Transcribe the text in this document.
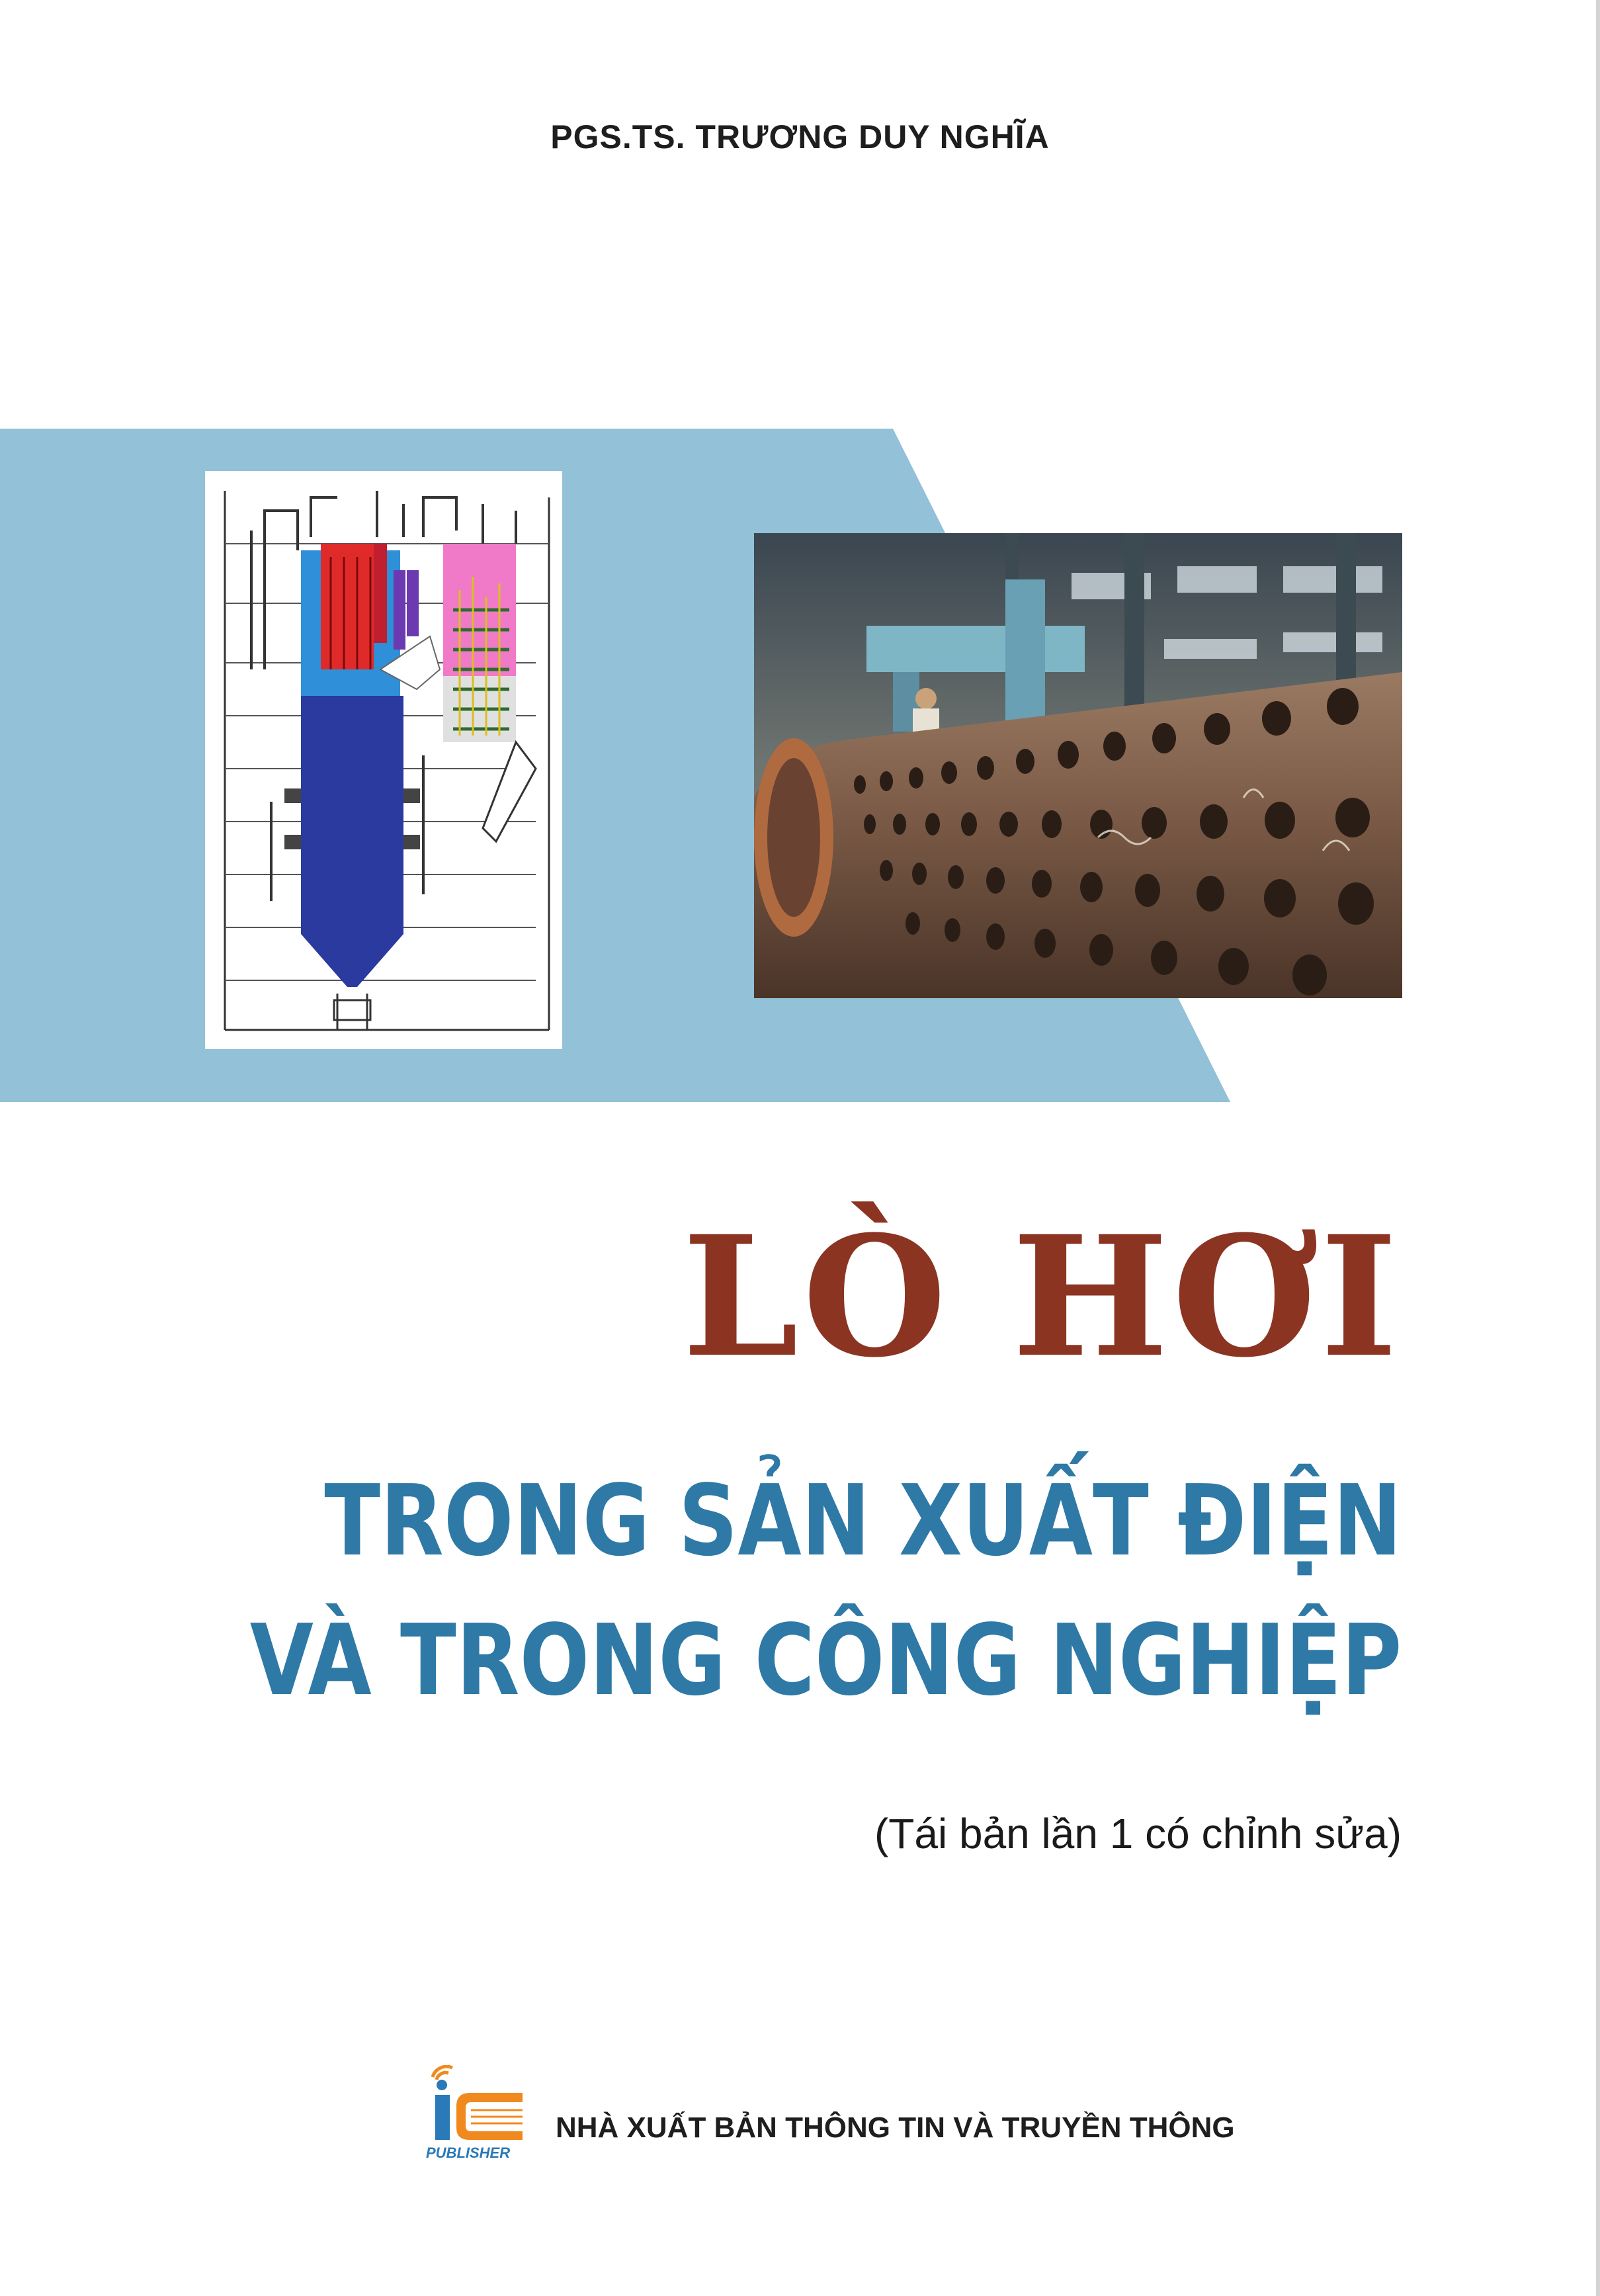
PGS.TS. TRƯƠNG DUY NGHĨA
LÒ HƠI
TRONG SẢN XUẤT ĐIỆN
VÀ TRONG CÔNG NGHIỆP
(Tái bản lần 1 có chỉnh sửa)
PUBLISHER
NHÀ XUẤT BẢN THÔNG TIN VÀ TRUYỀN THÔNG
